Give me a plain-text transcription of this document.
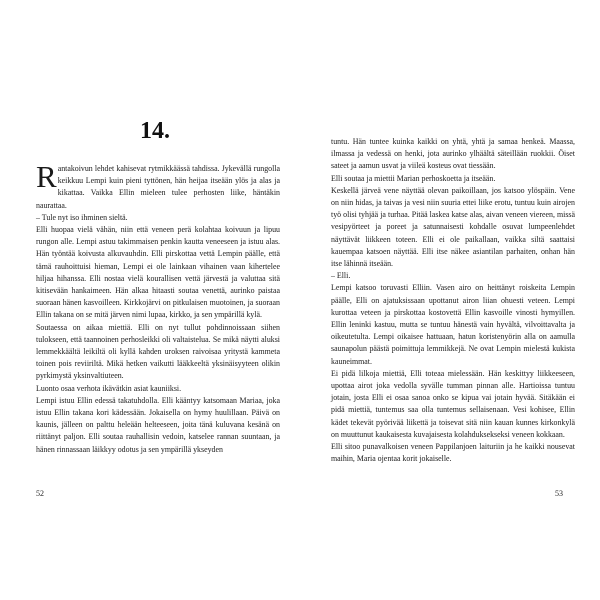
14.

Rantakoivun lehdet kahisevat rytmikkäässä tahdissa. Jykevällä rungolla keikkuu Lempi kuin pieni tyttönen, hän heijaa itseään ylös ja alas ja kikattaa. Vaikka Ellin mieleen tulee perhosten liike, häntäkin naurattaa.

– Tule nyt iso ihminen sieltä.

Elli huopaa vielä vähän, niin että veneen perä kolahtaa koivuun ja lipuu rungon alle. Lempi astuu takimmaisen penkin kautta veneeseen ja istuu alas. Hän työntää koivusta alkuvauhdin. Elli pirskottaa vettä Lempin päälle, että tämä rauhoittuisi hieman, Lempi ei ole lainkaan vihainen vaan kihertelee hiljaa hihanssa. Elli nostaa vielä kourallisen vettä järvestä ja valuttaa sitä kitisevään hankaimeen. Hän alkaa hitaasti soutaa venettä, aurinko paistaa suoraan hänen kasvoilleen. Kirkkojärvi on pitkulaisen muotoinen, ja suoraan Ellin takana on se mitä järven nimi lupaa, kirkko, ja sen ympärillä kylä.

Soutaessa on aikaa miettiä. Elli on nyt tullut pohdinnoissaan siihen tulokseen, että taannoinen perhosleikki oli valtaistelua. Se mikä näytti aluksi lemmekkäältä leikiltä oli kyllä kahden uroksen raivoisaa yritystä kammeta toinen pois reviiriltä. Mikä hetken vaikutti lääkkeeltä yksinäisyyteen olikin pyrkimystä yksinvaltiuteen.

Luonto osaa verhota ikävätkin asiat kauniiksi.

Lempi istuu Ellin edessä takatuhdolla. Elli kääntyy katsomaan Mariaa, joka istuu Ellin takana kori kädessään. Jokaisella on hymy huulillaan. Päivä on kaunis, jälleen on palttu heleään helteeseen, joita tänä kuluvana kesänä on riittänyt paljon. Elli soutaa rauhallisin vedoin, katselee rannan suuntaan, ja hänen rinnassaan läikkyy odotus ja sen ympärillä ykseyden

52

tuntu. Hän tuntee kuinka kaikki on yhtä, yhtä ja samaa henkeä. Maassa, ilmassa ja vedessä on henki, jota aurinko ylhäältä säteillään ruokkii. Öiset sateet ja aamun usvat ja viileä kosteus ovat tiessään.

Elli soutaa ja miettii Marian perhoskoetta ja itseään.

Keskellä järveä vene näyttää olevan paikoillaan, jos katsoo ylöspäin. Vene on niin hidas, ja taivas ja vesi niin suuria ettei liike erotu, tuntuu kuin airojen työ olisi tyhjää ja turhaa. Pitää laskea katse alas, aivan veneen viereen, missä vesipyörteet ja poreet ja satunnaisesti kohdalle osuvat lumpeenlehdet näyttävät liikkeen toteen. Elli ei ole paikallaan, vaikka siltä saattaisi kauempaa katsoen näyttää. Elli itse näkee asiantilan parhaiten, onhan hän itse lähinnä itseään.

– Elli.

Lempi katsoo toruvasti Elliin. Vasen airo on heittänyt roiskeita Lempin päälle, Elli on ajatuksissaan upottanut airon liian ohuesti veteen. Lempi kurottaa veteen ja pirskottaa kostovettä Ellin kasvoille vinosti hymyillen. Ellin leninki kastuu, mutta se tuntuu hänestä vain hyvältä, vilvoittavalta ja oikeutetulta. Lempi oikaisee hattuaan, hatun koristenyörin alla on aamulla saunapolun päästä poimittuja lemmikkejä. Ne ovat Lempin mielestä kukista kauneimmat.

Ei pidä lilkoja miettiä, Elli toteaa mielessään. Hän keskittyy liikkeeseen, upottaa airot joka vedolla syvälle tumman pinnan alle. Hartioissa tuntuu jotain, josta Elli ei osaa sanoa onko se kipua vai jotain hyvää. Sitäkään ei pidä miettiä, tuntemus saa olla tuntemus sellaisenaan. Vesi kohisee, Ellin kädet tekevät pyörivää liikettä ja toisevat sitä niin kauan kunnes kirkonkylä on muuttunut kaukaisesta kuvajaisesta kolahduksekseksi veneen kokkaan.

Elli sitoo punavalkoisen veneen Pappilanjoen laituriin ja he kaikki nousevat maihin, Maria ojentaa korit jokaiselle.

53
